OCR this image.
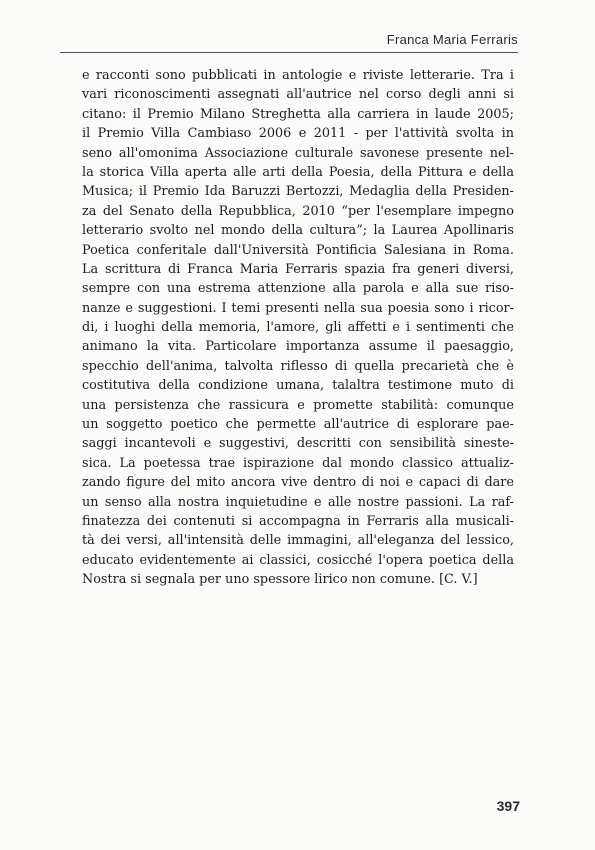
Franca Maria Ferraris
e racconti sono pubblicati in antologie e riviste letterarie. Tra i
vari riconoscimenti assegnati all'autrice nel corso degli anni si
citano: il Premio Milano Streghetta alla carriera in laude 2005;
il Premio Villa Cambiaso 2006 e 2011 - per l'attività svolta in
seno all'omonima Associazione culturale savonese presente nel-
la storica Villa aperta alle arti della Poesia, della Pittura e della
Musica; il Premio Ida Baruzzi Bertozzi, Medaglia della Presiden-
za del Senato della Repubblica, 2010 “per l'esemplare impegno
letterario svolto nel mondo della cultura”; la Laurea Apollinaris
Poetica conferitale dall'Università Pontificia Salesiana in Roma.
La scrittura di Franca Maria Ferraris spazia fra generi diversi,
sempre con una estrema attenzione alla parola e alla sue riso-
nanze e suggestioni. I temi presenti nella sua poesia sono i ricor-
di, i luoghi della memoria, l'amore, gli affetti e i sentimenti che
animano la vita. Particolare importanza assume il paesaggio,
specchio dell'anima, talvolta riflesso di quella precarietà che è
costitutiva della condizione umana, talaltra testimone muto di
una persistenza che rassicura e promette stabilità: comunque
un soggetto poetico che permette all'autrice di esplorare pae-
saggi incantevoli e suggestivi, descritti con sensibilità sineste-
sica. La poetessa trae ispirazione dal mondo classico attualiz-
zando figure del mito ancora vive dentro di noi e capaci di dare
un senso alla nostra inquietudine e alle nostre passioni. La raf-
finatezza dei contenuti si accompagna in Ferraris alla musicali-
tà dei versi, all'intensità delle immagini, all'eleganza del lessico,
educato evidentemente ai classici, cosicché l'opera poetica della
Nostra si segnala per uno spessore lirico non comune. [C. V.]
397
